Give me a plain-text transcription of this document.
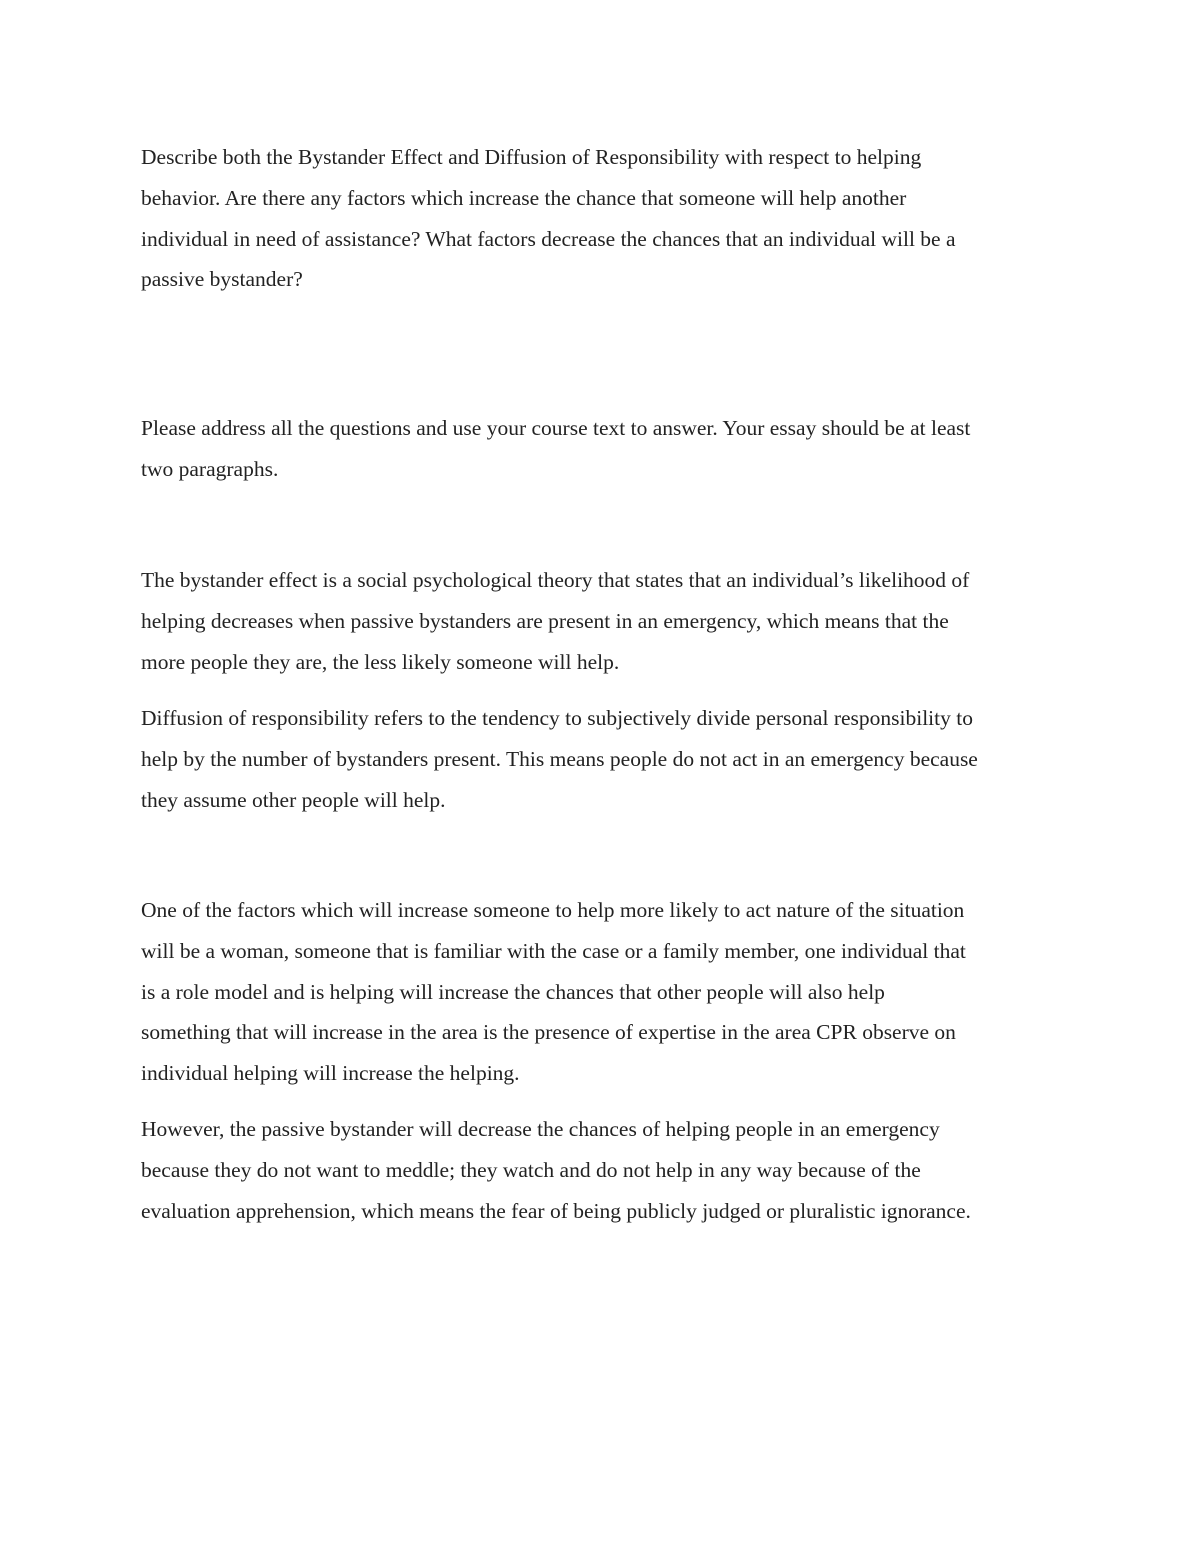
Describe both the Bystander Effect and Diffusion of Responsibility with respect to helping
behavior. Are there any factors which increase the chance that someone will help another
individual in need of assistance? What factors decrease the chances that an individual will be a
passive bystander?

Please address all the questions and use your course text to answer. Your essay should be at least
two paragraphs.

The bystander effect is a social psychological theory that states that an individual’s likelihood of
helping decreases when passive bystanders are present in an emergency, which means that the
more people they are, the less likely someone will help.

Diffusion of responsibility refers to the tendency to subjectively divide personal responsibility to
help by the number of bystanders present. This means people do not act in an emergency because
they assume other people will help.

One of the factors which will increase someone to help more likely to act nature of the situation
will be a woman, someone that is familiar with the case or a family member, one individual that
is a role model and is helping will increase the chances that other people will also help
something that will increase in the area is the presence of expertise in the area CPR observe on
individual helping will increase the helping.

However, the passive bystander will decrease the chances of helping people in an emergency
because they do not want to meddle; they watch and do not help in any way because of the
evaluation apprehension, which means the fear of being publicly judged or pluralistic ignorance.
